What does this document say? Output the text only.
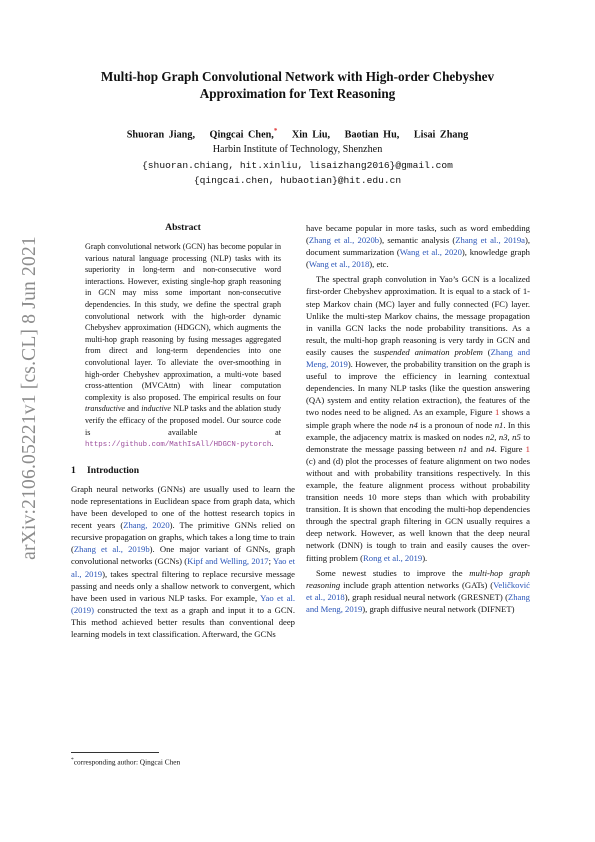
arXiv:2106.05221v1 [cs.CL] 8 Jun 2021
Multi-hop Graph Convolutional Network with High-order Chebyshev
Approximation for Text Reasoning
Shuoran Jiang, Qingcai Chen,* Xin Liu, Baotian Hu, Lisai Zhang
Harbin Institute of Technology, Shenzhen
{shuoran.chiang, hit.xinliu, lisaizhang2016}@gmail.com
{qingcai.chen, hubaotian}@hit.edu.cn
Abstract

Graph convolutional network (GCN) has become popular in various natural language processing (NLP) tasks with its superiority in long-term and non-consecutive word interactions. However, existing single-hop graph reasoning in GCN may miss some important non-consecutive dependencies. In this study, we define the spectral graph convolutional network with the high-order dynamic Chebyshev approximation (HDGCN), which augments the multi-hop graph reasoning by fusing messages aggregated from direct and long-term dependencies into one convolutional layer. To alleviate the over-smoothing in high-order Chebyshev approximation, a multi-vote based cross-attention (MVCAttn) with linear computation complexity is also proposed. The empirical results on four transductive and inductive NLP tasks and the ablation study verify the efficacy of the proposed model. Our source code is available at https://github.com/MathIsAll/HDGCN-pytorch.

1 Introduction

Graph neural networks (GNNs) are usually used to learn the node representations in Euclidean space from graph data, which have been developed to one of the hottest research topics in recent years (Zhang, 2020). The primitive GNNs relied on recursive propagation on graphs, which takes a long time to train (Zhang et al., 2019b). One major variant of GNNs, graph convolutional networks (GCNs) (Kipf and Welling, 2017; Yao et al., 2019), takes spectral filtering to replace recursive message passing and needs only a shallow network to convergent, which have been used in various NLP tasks. For example, Yao et al. (2019) constructed the text as a graph and input it to a GCN. This method achieved better results than conventional deep learning models in text classification. Afterward, the GCNs

have became popular in more tasks, such as word embedding (Zhang et al., 2020b), semantic analysis (Zhang et al., 2019a), document summarization (Wang et al., 2020), knowledge graph (Wang et al., 2018), etc.

The spectral graph convolution in Yao’s GCN is a localized first-order Chebyshev approximation. It is equal to a stack of 1-step Markov chain (MC) layer and fully connected (FC) layer. Unlike the multi-step Markov chains, the message propagation in vanilla GCN lacks the node probability transitions. As a result, the multi-hop graph reasoning is very tardy in GCN and easily causes the suspended animation problem (Zhang and Meng, 2019). However, the probability transition on the graph is useful to improve the efficiency in learning contextual dependencies. In many NLP tasks (like the question answering (QA) system and entity relation extraction), the features of the two nodes need to be aligned. As an example, Figure 1 shows a simple graph where the node n4 is a pronoun of node n1. In this example, the adjacency matrix is masked on nodes n2, n3, n5 to demonstrate the message passing between n1 and n4. Figure 1 (c) and (d) plot the processes of feature alignment on two nodes without and with probability transitions respectively. In this example, the feature alignment process without probability transition needs 10 more steps than which with probability transition. It is shown that encoding the multi-hop dependencies through the spectral graph filtering in GCN usually requires a deep network. However, as well known that the deep neural network (DNN) is tough to train and easily causes the over-fitting problem (Rong et al., 2019).

Some newest studies to improve the multi-hop graph reasoning include graph attention networks (GATs) (Veličković et al., 2018), graph residual neural network (GRESNET) (Zhang and Meng, 2019), graph diffusive neural network (DIFNET)

*corresponding author: Qingcai Chen
